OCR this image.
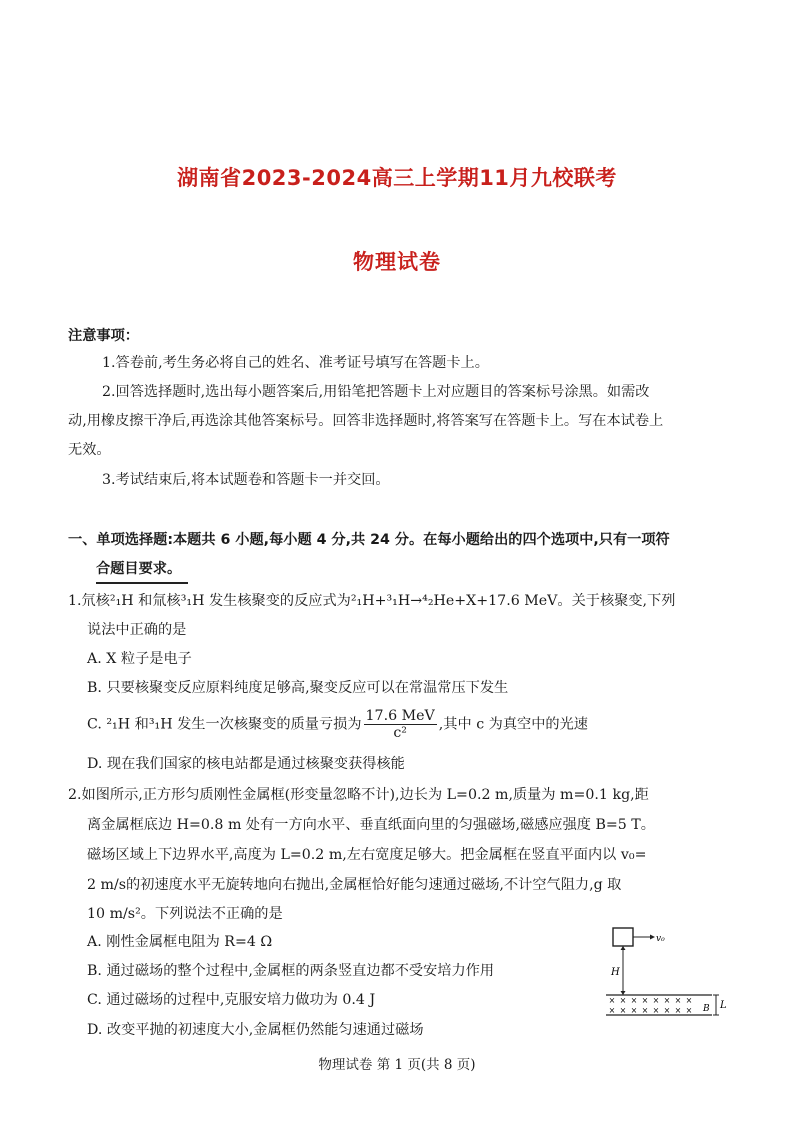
湖南省2023-2024高三上学期11月九校联考
物理试卷
注意事项：
1.答卷前,考生务必将自己的姓名、准考证号填写在答题卡上。
2.回答选择题时,选出每小题答案后,用铅笔把答题卡上对应题目的答案标号涂黑。如需改
动,用橡皮擦干净后,再选涂其他答案标号。回答非选择题时,将答案写在答题卡上。写在本试卷上
无效。
3.考试结束后,将本试题卷和答题卡一并交回。
一、单项选择题:本题共 6 小题,每小题 4 分,共 24 分。在每小题给出的四个选项中,只有一项符
合题目要求。
1.氘核²₁H 和氚核³₁H 发生核聚变的反应式为²₁H+³₁H→⁴₂He+X+17.6 MeV。关于核聚变,下列
说法中正确的是
A. X 粒子是电子
B. 只要核聚变反应原料纯度足够高,聚变反应可以在常温常压下发生
C. ²₁H 和³₁H 发生一次核聚变的质量亏损为 $\frac{\text{17.6 MeV}}{\text{c²}}$ ,其中 c 为真空中的光速
D. 现在我们国家的核电站都是通过核聚变获得核能
2.如图所示,正方形匀质刚性金属框(形变量忽略不计),边长为 L=0.2 m,质量为 m=0.1 kg,距
离金属框底边 H=0.8 m 处有一方向水平、垂直纸面向里的匀强磁场,磁感应强度 B=5 T。
磁场区域上下边界水平,高度为 L=0.2 m,左右宽度足够大。把金属框在竖直平面内以 v₀=
2 m/s的初速度水平无旋转地向右抛出,金属框恰好能匀速通过磁场,不计空气阻力,g 取
10 m/s²。下列说法不正确的是
A. 刚性金属框电阻为 R=4 Ω
B. 通过磁场的整个过程中,金属框的两条竖直边都不受安培力作用
C. 通过磁场的过程中,克服安培力做功为 0.4 J
D. 改变平抛的初速度大小,金属框仍然能匀速通过磁场
v₀
H
× × × × × × × ×
× × × × × × × × B L
物理试卷 第 1 页(共 8 页)
